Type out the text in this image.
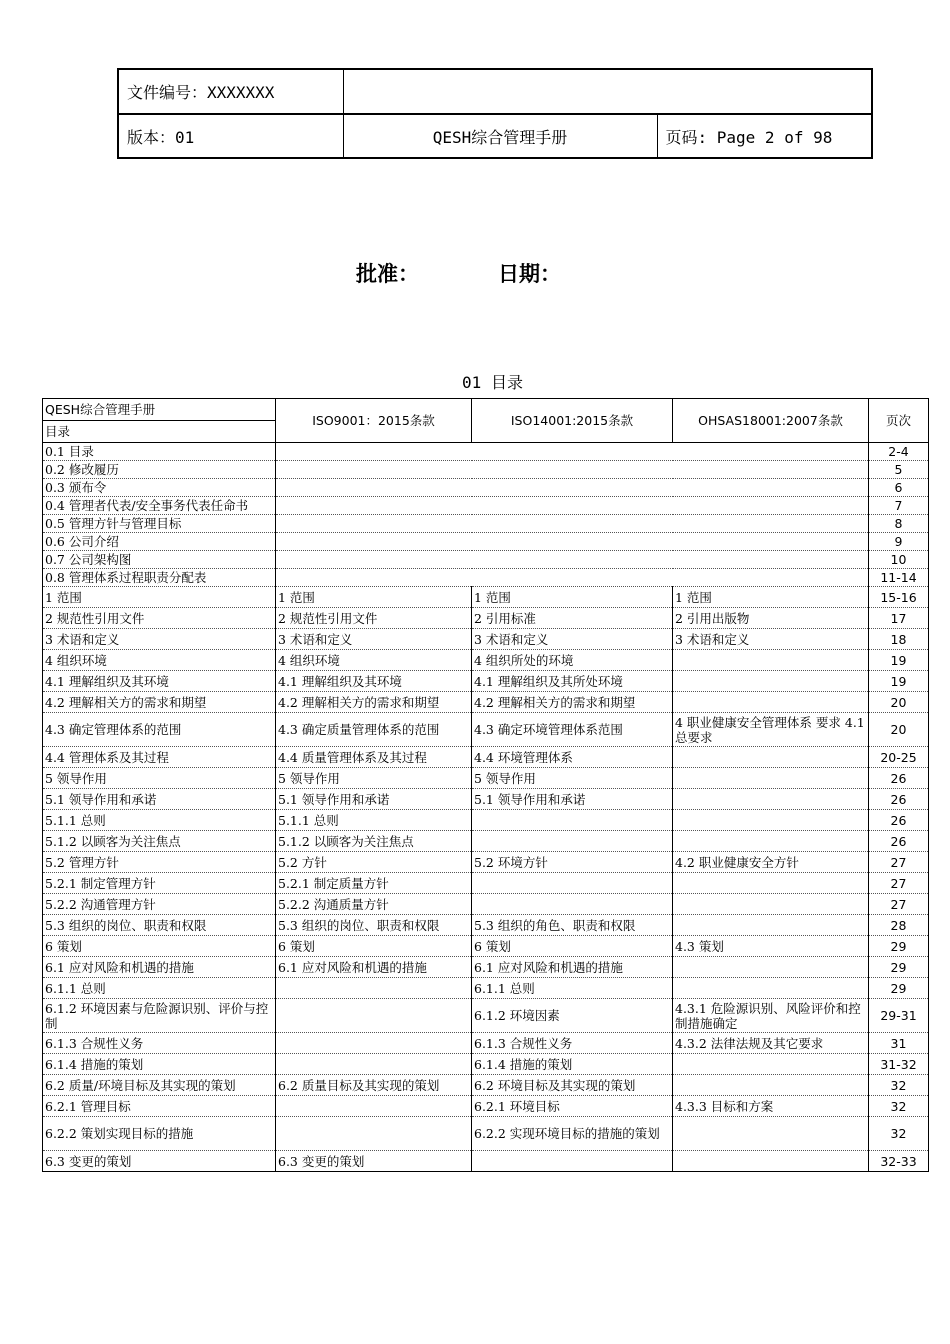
文件编号：XXXXXXX		
版本：01	QESH综合管理手册	页码: Page 2 of 98
批准：	日期：
01 目录
QESH综合管理手册
目录	ISO9001：2015条款	ISO14001:2015条款	OHSAS18001:2007条款	页次
0.1 目录				2-4
0.2 修改履历				5
0.3 颁布令				6
0.4 管理者代表/安全事务代表任命书				7
0.5 管理方针与管理目标				8
0.6 公司介绍				9
0.7 公司架构图				10
0.8 管理体系过程职责分配表				11-14
1 范围	1 范围	1 范围	1 范围	15-16
2 规范性引用文件	2 规范性引用文件	2 引用标准	2 引用出版物	17
3 术语和定义	3 术语和定义	3 术语和定义	3 术语和定义	18
4 组织环境	4 组织环境	4 组织所处的环境		19
4.1 理解组织及其环境	4.1 理解组织及其环境	4.1 理解组织及其所处环境		19
4.2 理解相关方的需求和期望	4.2 理解相关方的需求和期望	4.2 理解相关方的需求和期望		20
4.3 确定管理体系的范围	4.3 确定质量管理体系的范围	4.3 确定环境管理体系范围	4 职业健康安全管理体系 要求 4.1 总要求	20
4.4 管理体系及其过程	4.4 质量管理体系及其过程	4.4 环境管理体系		20-25
5 领导作用	5 领导作用	5 领导作用		26
5.1 领导作用和承诺	5.1 领导作用和承诺	5.1 领导作用和承诺		26
5.1.1 总则	5.1.1 总则			26
5.1.2 以顾客为关注焦点	5.1.2 以顾客为关注焦点			26
5.2 管理方针	5.2 方针	5.2 环境方针	4.2 职业健康安全方针	27
5.2.1 制定管理方针	5.2.1 制定质量方针			27
5.2.2 沟通管理方针	5.2.2 沟通质量方针			27
5.3 组织的岗位、职责和权限	5.3 组织的岗位、职责和权限	5.3 组织的角色、职责和权限		28
6 策划	6 策划	6 策划	4.3 策划	29
6.1 应对风险和机遇的措施	6.1 应对风险和机遇的措施	6.1 应对风险和机遇的措施		29
6.1.1 总则		6.1.1 总则		29
6.1.2 环境因素与危险源识别、评价与控制		6.1.2 环境因素	4.3.1 危险源识别、风险评价和控制措施确定	29-31
6.1.3 合规性义务		6.1.3 合规性义务	4.3.2 法律法规及其它要求	31
6.1.4 措施的策划		6.1.4 措施的策划		31-32
6.2 质量/环境目标及其实现的策划	6.2 质量目标及其实现的策划	6.2 环境目标及其实现的策划		32
6.2.1 管理目标		6.2.1 环境目标	4.3.3 目标和方案	32
6.2.2 策划实现目标的措施		6.2.2 实现环境目标的措施的策划		32
6.3 变更的策划	6.3 变更的策划			32-33
